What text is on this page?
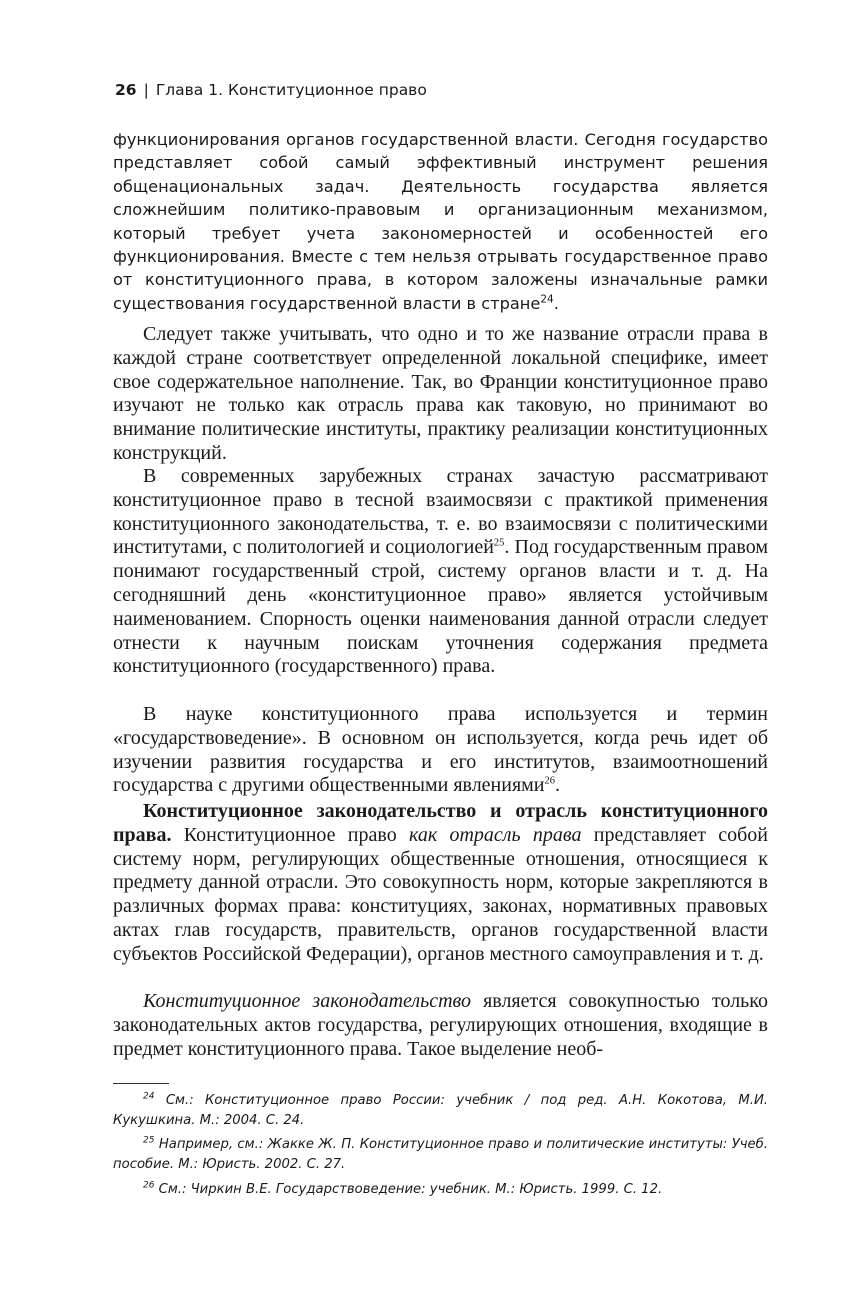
26 | Глава 1. Конституционное право

функционирования органов государственной власти. Сегодня государство представляет собой самый эффективный инструмент решения общенациональных задач. Деятельность государства является сложнейшим политико-правовым и организационным механизмом, который требует учета закономерностей и особенностей его функционирования. Вместе с тем нельзя отрывать государственное право от конституционного права, в котором заложены изначальные рамки существования государственной власти в стране$^{24}$.

Следует также учитывать, что одно и то же название отрасли права в каждой стране соответствует определенной локальной специфике, имеет свое содержательное наполнение. Так, во Франции конституционное право изучают не только как отрасль права как таковую, но принимают во внимание политические институты, практику реализации конституционных конструкций.

В современных зарубежных странах зачастую рассматривают конституционное право в тесной взаимосвязи с практикой применения конституционного законодательства, т. е. во взаимосвязи с политическими институтами, с политологией и социологией$^{25}$. Под государственным правом понимают государственный строй, систему органов власти и т. д. На сегодняшний день «конституционное право» является устойчивым наименованием. Спорность оценки наименования данной отрасли следует отнести к научным поискам уточнения содержания предмета конституционного (государственного) права.

В науке конституционного права используется и термин «государствоведение». В основном он используется, когда речь идет об изучении развития государства и его институтов, взаимоотношений государства с другими общественными явлениями$^{26}$.

Конституционное законодательство и отрасль конституционного права. Конституционное право как отрасль права представляет собой систему норм, регулирующих общественные отношения, относящиеся к предмету данной отрасли. Это совокупность норм, которые закрепляются в различных формах права: конституциях, законах, нормативных правовых актах глав государств, правительств, органов государственной власти субъектов Российской Федерации), органов местного самоуправления и т. д.

Конституционное законодательство является совокупностью только законодательных актов государства, регулирующих отношения, входящие в предмет конституционного права. Такое выделение необ-

$^{24}$ См.: Конституционное право России: учебник / под ред. А.Н. Кокотова, М.И. Кукушкина. М.: 2004. С. 24.

$^{25}$ Например, см.: Жакке Ж. П. Конституционное право и политические институты: Учеб. пособие. М.: Юристь. 2002. С. 27.

$^{26}$ См.: Чиркин В.Е. Государствоведение: учебник. М.: Юристь. 1999. С. 12.
